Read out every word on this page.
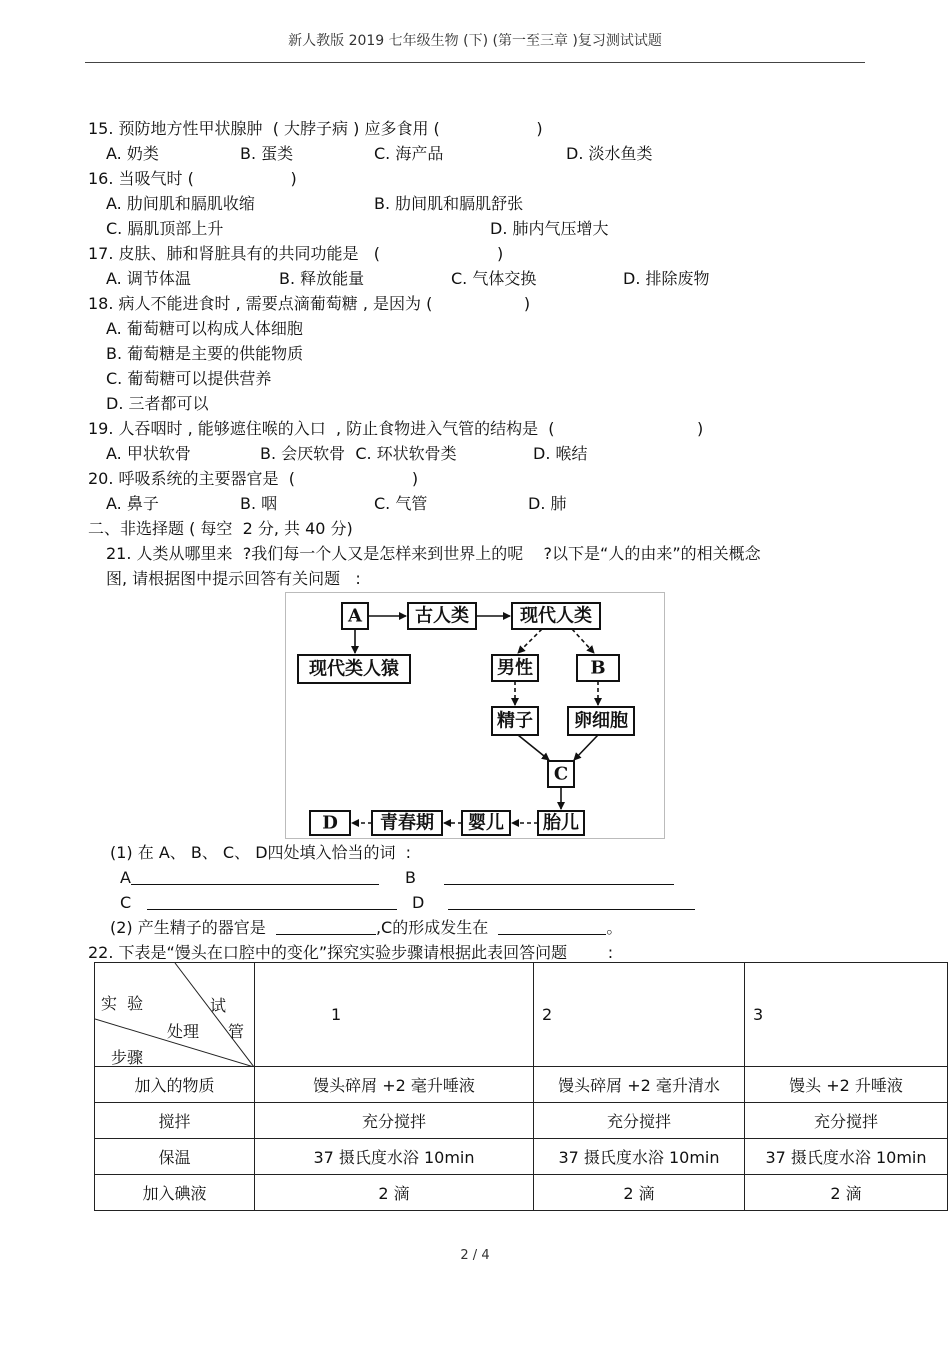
新人教版 2019 七年级生物 (下) (第一至三章 )复习测试试题
15. 预防地方性甲状腺肿  ( 大脖子病 ) 应多食用 (                   )
A. 奶类	B. 蛋类	C. 海产品	D. 淡水鱼类
16. 当吸气时 (                   )
A. 肋间肌和膈肌收缩	B. 肋间肌和膈肌舒张
C. 膈肌顶部上升	D. 肺内气压增大
17. 皮肤、肺和肾脏具有的共同功能是   (                       )
A. 调节体温	B. 释放能量	C. 气体交换	D. 排除废物
18. 病人不能进食时 , 需要点滴葡萄糖 , 是因为 (                  )
A. 葡萄糖可以构成人体细胞
B. 葡萄糖是主要的供能物质
C. 葡萄糖可以提供营养
D. 三者都可以
19. 人吞咽时 , 能够遮住喉的入口  , 防止食物进入气管的结构是  (                            )
A. 甲状软骨	B. 会厌软骨  C. 环状软骨类	D. 喉结
20. 呼吸系统的主要器官是  (                       )
A. 鼻子	B. 咽	C. 气管	D. 肺
二、非选择题 ( 每空  2 分, 共 40 分)
21. 人类从哪里来  ?我们每一个人又是怎样来到世界上的呢    ?以下是“人的由来”的相关概念
图, 请根据图中提示回答有关问题   :
A	古人类	现代人类
现代类人猿	男性	B
精子 卵细胞
C
胎儿
婴儿
青春期
D
(1) 在 A、 B、 C、 D四处填入恰当的词  :
A	B
C	D
(2) 产生精子的器官是	,C的形成发生在	。
22. 下表是“馒头在口腔中的变化”探究实验步骤请根据此表回答问题        :
实  验 试
处理 管
步骤	1	2	3
加入的物质	馒头碎屑 +2 毫升唾液	馒头碎屑 +2 毫升清水	馒头 +2 升唾液
搅拌	充分搅拌	充分搅拌	充分搅拌
保温	37 摄氏度水浴 10min	37 摄氏度水浴 10min	37 摄氏度水浴 10min
加入碘液	2 滴	2 滴	2 滴
2 / 4
